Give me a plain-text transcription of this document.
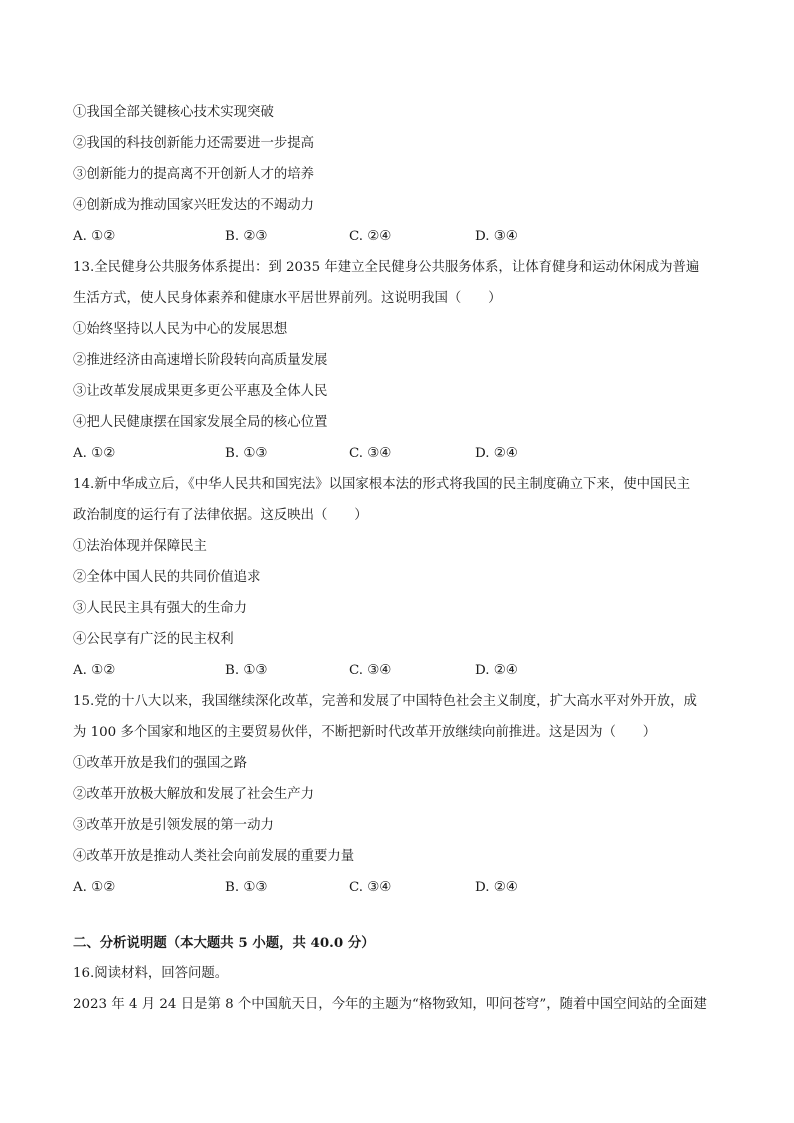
①我国全部关键核心技术实现突破
②我国的科技创新能力还需要进一步提高
③创新能力的提高离不开创新人才的培养
④创新成为推动国家兴旺发达的不竭动力
A. ①②	B. ②③	C. ②④	D. ③④
13.全民健身公共服务体系提出：到 2035 年建立全民健身公共服务体系，让体育健身和运动休闲成为普遍
生活方式，使人民身体素养和健康水平居世界前列。这说明我国（　　）
①始终坚持以人民为中心的发展思想
②推进经济由高速增长阶段转向高质量发展
③让改革发展成果更多更公平惠及全体人民
④把人民健康摆在国家发展全局的核心位置
A. ①②	B. ①③	C. ③④	D. ②④
14.新中华成立后，《中华人民共和国宪法》以国家根本法的形式将我国的民主制度确立下来，使中国民主
政治制度的运行有了法律依据。这反映出（　　）
①法治体现并保障民主
②全体中国人民的共同价值追求
③人民民主具有强大的生命力
④公民享有广泛的民主权利
A. ①②	B. ①③	C. ③④	D. ②④
15.党的十八大以来，我国继续深化改革，完善和发展了中国特色社会主义制度，扩大高水平对外开放，成
为 100 多个国家和地区的主要贸易伙伴，不断把新时代改革开放继续向前推进。这是因为（　　）
①改革开放是我们的强国之路
②改革开放极大解放和发展了社会生产力
③改革开放是引领发展的第一动力
④改革开放是推动人类社会向前发展的重要力量
A. ①②	B. ①③	C. ③④	D. ②④
二、分析说明题（本大题共 5 小题，共 40.0 分）
16.阅读材料，回答问题。
2023 年 4 月 24 日是第 8 个中国航天日，今年的主题为“格物致知，叩问苍穹”，随着中国空间站的全面建
